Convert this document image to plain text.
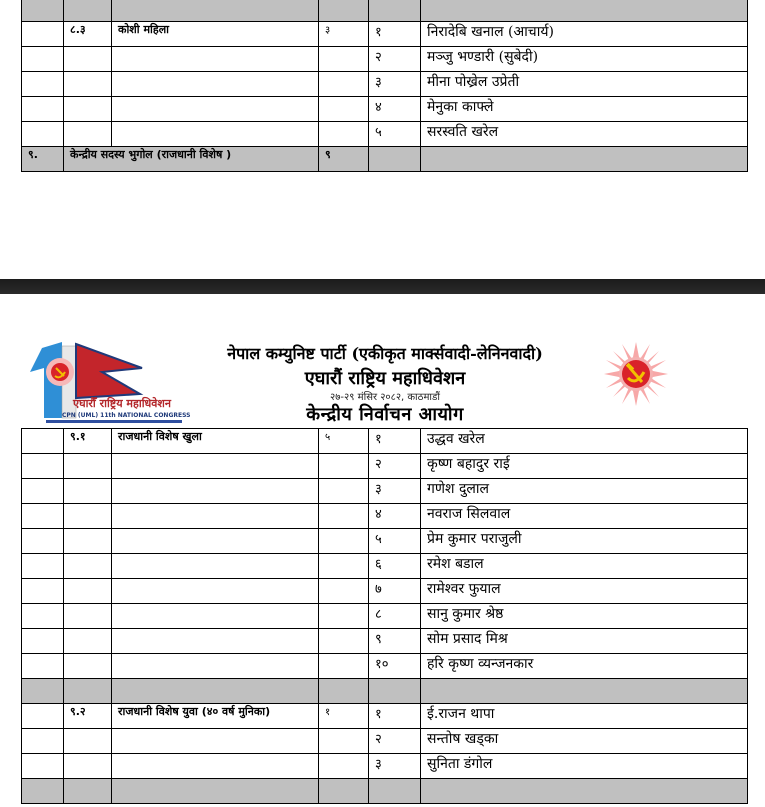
	८.३	कोशी महिला	३	१	निरादेबि खनाल (आचार्य)
				२	मञ्जु भण्डारी (सुबेदी)
				३	मीना पोख्रेल उप्रेती
				४	मेनुका काफ्ले
				५	सरस्वति खरेल
९.	केन्द्रीय सदस्य भुगोल (राजधानी विशेष )		९		
एघारौँ राष्ट्रिय महाधिवेशन
CPN (UML) 11th NATIONAL CONGRESS
नेपाल कम्युनिष्ट पार्टी (एकीकृत मार्क्सवादी-लेनिनवादी)
एघारौं राष्ट्रिय महाधिवेशन
२७-२९ मंसिर २०८२, काठमाडौं
केन्द्रीय निर्वाचन आयोग
	९.१	राजधानी विशेष खुला	५	१	उद्धव खरेल
				२	कृष्ण बहादुर राई
				३	गणेश दुलाल
				४	नवराज सिलवाल
				५	प्रेम कुमार पराजुली
				६	रमेश बडाल
				७	रामेश्वर फुयाल
				८	सानु कुमार श्रेष्ठ
				९	सोम प्रसाद मिश्र
				१०	हरि कृष्ण व्यन्जनकार

	९.२	राजधानी विशेष युवा (४० वर्ष मुनिका)	१	१	ई.राजन थापा
				२	सन्तोष खड्का
				३	सुनिता डंगोल
